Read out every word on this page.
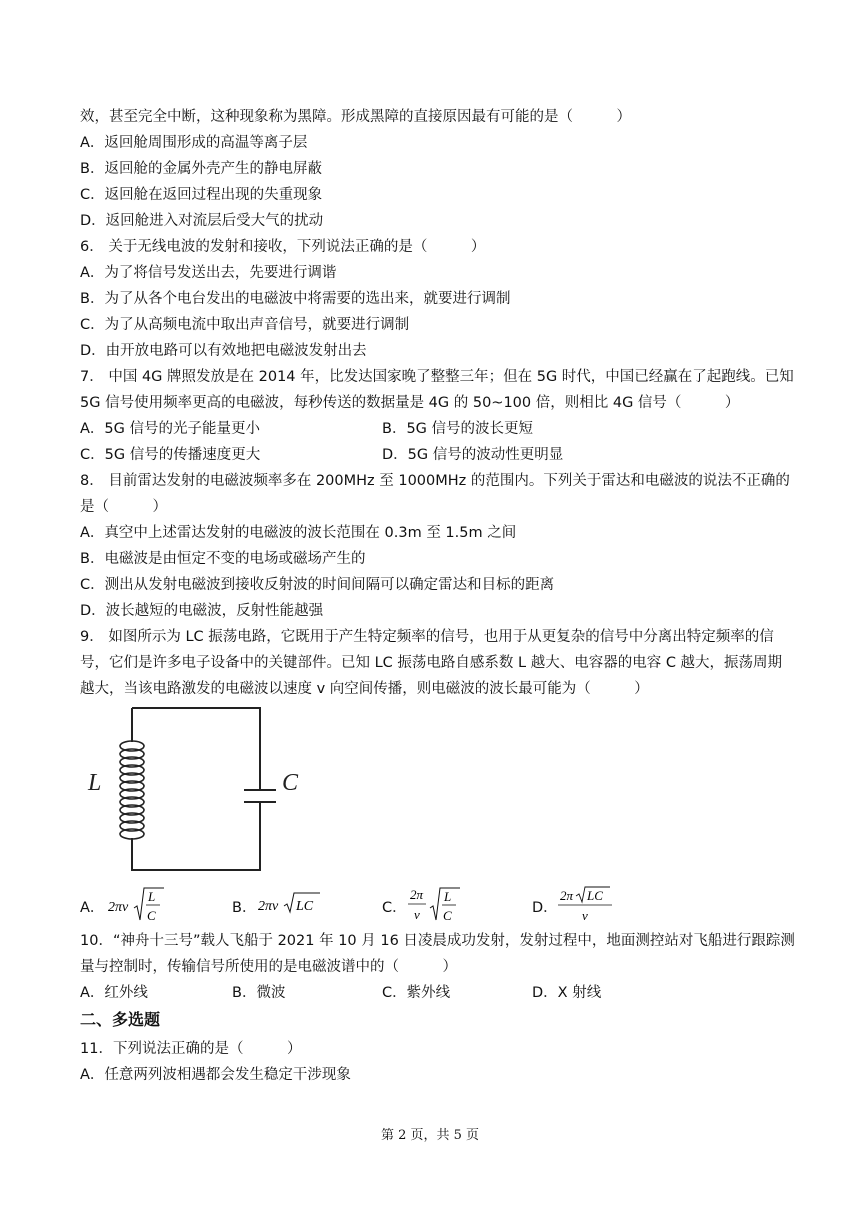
效，甚至完全中断，这种现象称为黑障。形成黑障的直接原因最有可能的是（　　　）
A．返回舱周围形成的高温等离子层
B．返回舱的金属外壳产生的静电屏蔽
C．返回舱在返回过程出现的失重现象
D．返回舱进入对流层后受大气的扰动
6． 关于无线电波的发射和接收，下列说法正确的是（　　　）
A．为了将信号发送出去，先要进行调谐
B．为了从各个电台发出的电磁波中将需要的选出来，就要进行调制
C．为了从高频电流中取出声音信号，就要进行调制
D．由开放电路可以有效地把电磁波发射出去
7． 中国 4G 牌照发放是在 2014 年，比发达国家晚了整整三年；但在 5G 时代，中国已经赢在了起跑线。已知
5G 信号使用频率更高的电磁波，每秒传送的数据量是 4G 的 50~100 倍，则相比 4G 信号（　　　）
A．5G 信号的光子能量更小	B．5G 信号的波长更短
C．5G 信号的传播速度更大	D．5G 信号的波动性更明显
8． 目前雷达发射的电磁波频率多在 200MHz 至 1000MHz 的范围内。下列关于雷达和电磁波的说法不正确的
是（　　　）
A．真空中上述雷达发射的电磁波的波长范围在 0.3m 至 1.5m 之间
B．电磁波是由恒定不变的电场或磁场产生的
C．测出从发射电磁波到接收反射波的时间间隔可以确定雷达和目标的距离
D．波长越短的电磁波，反射性能越强
9． 如图所示为 LC 振荡电路，它既用于产生特定频率的信号，也用于从更复杂的信号中分离出特定频率的信
号，它们是许多电子设备中的关键部件。已知 LC 振荡电路自感系数 L 越大、电容器的电容 C 越大，振荡周期
越大，当该电路激发的电磁波以速度 v 向空间传播，则电磁波的波长最可能为（　　　）
L	C
A． 2πv
L
C	B． 2πv LC	C．
2π
v
L
C	D．
2π LC
v
10．“神舟十三号”载人飞船于 2021 年 10 月 16 日凌晨成功发射，发射过程中，地面测控站对飞船进行跟踪测
量与控制时，传输信号所使用的是电磁波谱中的（　　　）
A．红外线	B．微波	C．紫外线	D．X 射线
二、多选题
11．下列说法正确的是（　　　）
A．任意两列波相遇都会发生稳定干涉现象
第 2 页，共 5 页
